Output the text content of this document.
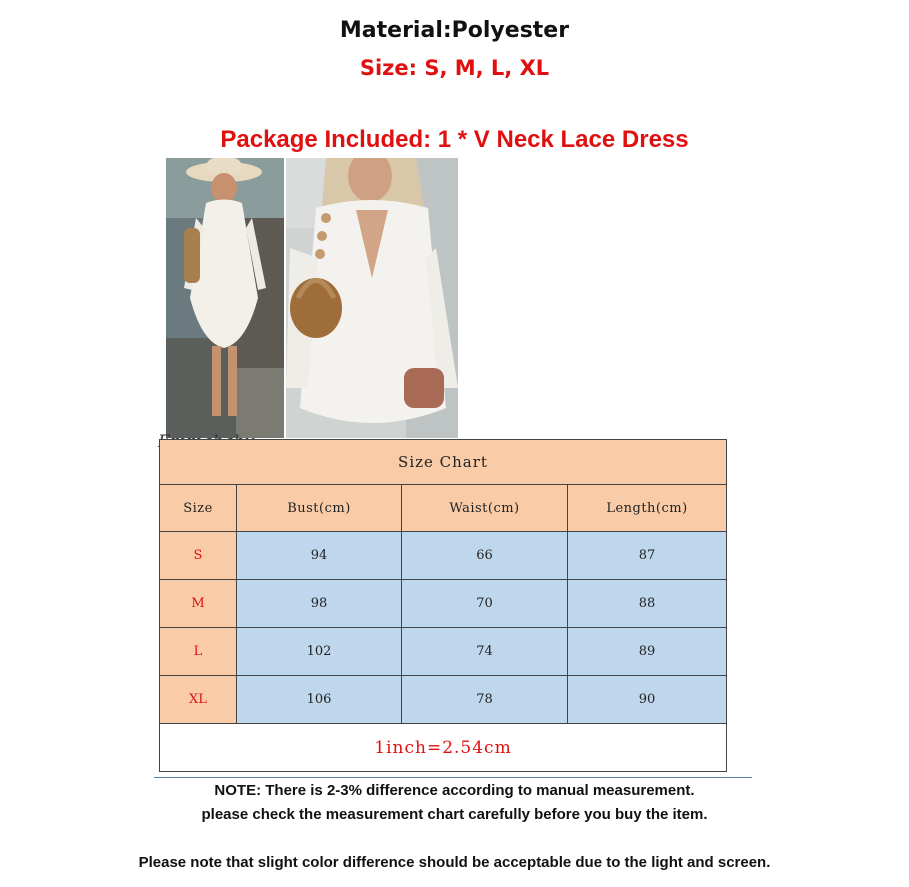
Material:Polyester
Size: S, M, L, XL
Package Included: 1 * V Neck Lace Dress
Size Chart			
Size	Bust(cm)	Waist(cm)	Length(cm)
S	94	66	87
M	98	70	88
L	102	74	89
XL	106	78	90
1inch=2.54cm			
NOTE: There is 2-3% difference according to manual measurement.
please check the measurement chart carefully before you buy the item.
Please note that slight color difference should be acceptable due to the light and screen.
